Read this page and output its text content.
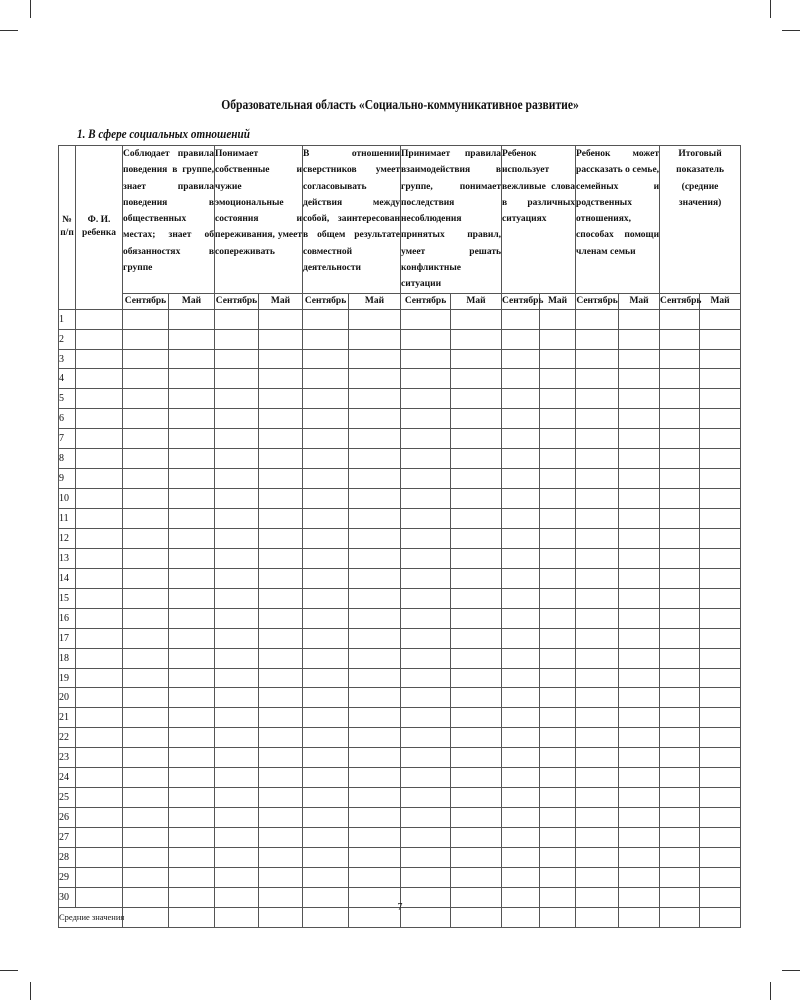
Образовательная область «Социально-коммуникативное развитие»
1. В сфере социальных отношений
№ п/п	Ф. И. ребенка	Соблюдает правила поведения в группе, знает правила поведения в общественных местах; знает об обязанностях в группе		Понимает собственные и чужие эмоциональные состояния и переживания, умеет сопереживать		В отношении сверстников умеет согласовывать действия между собой, заинтересован в общем результате совместной деятельности		Принимает правила взаимодействия в группе, понимает последствия несоблюдения принятых правил, умеет решать конфликтные ситуации		Ребенок использует вежливые слова в различных ситуациях		Ребенок может рассказать о семье, семейных и родственных отношениях, способах помощи членам семьи		Итоговый показатель (средние значения)	

		Сентябрь	Май	Сентябрь	Май	Сентябрь	Май	Сентябрь	Май	Сентябрь	Май	Сентябрь	Май	Сентябрь	Май
1															
2															
3															
4															
5															
6															
7															
8															
9															
10															
11															
12															
13															
14															
15															
16															
17															
18															
19															
20															
21															
22															
23															
24															
25															
26															
27															
28															
29															
30															
Средние значения															
7
